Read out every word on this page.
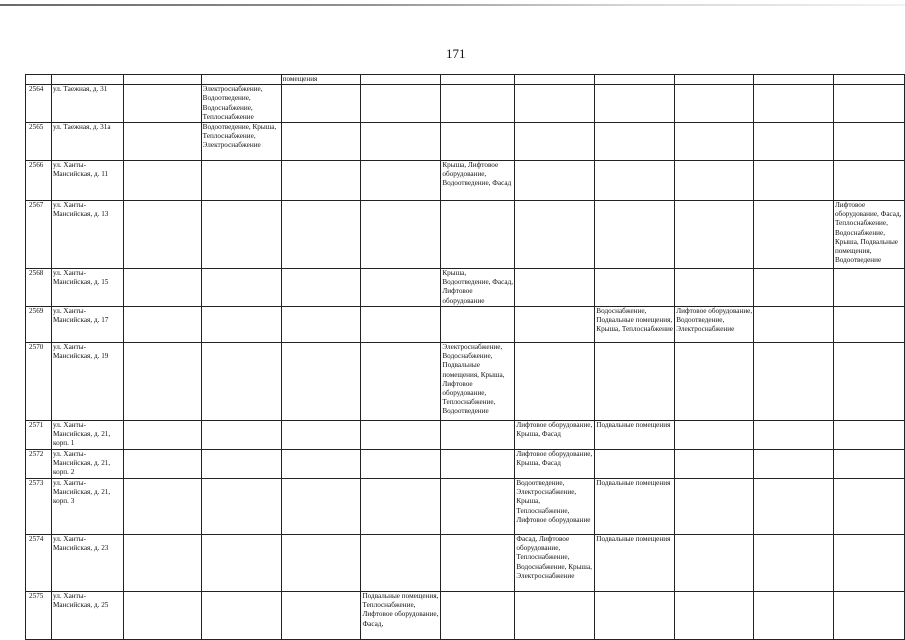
171
				помещения							
2564	ул. Таежная, д. 31		Электроснабжение, Водоотведение, Водоснабжение, Теплоснабжение								
2565	ул. Таежная, д. 31а		Водоотведение, Крыша, Теплоснабжение, Электроснабжение								
2566	ул. Ханты-Мансийская, д. 11					Крыша, Лифтовое оборудование, Водоотведение, Фасад					
2567	ул. Ханты-Мансийская, д. 13										Лифтовое оборудование, Фасад, Теплоснабжение, Водоснабжение, Крыша, Подвальные помещения, Водоотведение
2568	ул. Ханты-Мансийская, д. 15					Крыша, Водоотведение, Фасад, Лифтовое оборудование					
2569	ул. Ханты-Мансийская, д. 17							Водоснабжение, Подвальные помещения, Крыша, Теплоснабжение	Лифтовое оборудование, Водоотведение, Электроснабжение		
2570	ул. Ханты-Мансийская, д. 19					Электроснабжение, Водоснабжение, Подвальные помещения, Крыша, Лифтовое оборудование, Теплоснабжение, Водоотведение					
2571	ул. Ханты-Мансийская, д. 21, корп. 1						Лифтовое оборудование, Крыша, Фасад	Подвальные помещения			
2572	ул. Ханты-Мансийская, д. 21, корп. 2						Лифтовое оборудование, Крыша, Фасад				
2573	ул. Ханты-Мансийская, д. 21, корп. 3						Водоотведение, Электроснабжение, Крыша, Теплоснабжение, Лифтовое оборудование	Подвальные помещения			
2574	ул. Ханты-Мансийская, д. 23						Фасад, Лифтовое оборудование, Теплоснабжение, Водоснабжение, Крыша, Электроснабжение	Подвальные помещения			
2575	ул. Ханты-Мансийская, д. 25				Подвальные помещения, Теплоснабжение, Лифтовое оборудование, Фасад,						
